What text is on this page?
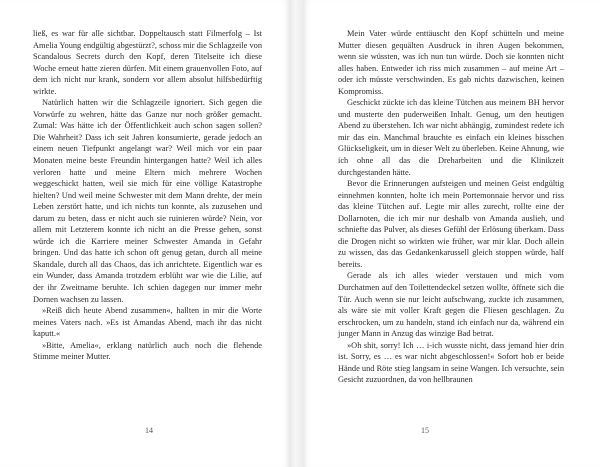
ließ, es war für alle sichtbar. Doppeltausch statt Filmerfolg – Ist Amelia Young endgültig abgestürzt?, schoss mir die Schlagzeile von Scandalous Secrets durch den Kopf, deren Titelseite ich diese Woche erneut hatte zieren dürfen. Mit einem grauenvollen Foto, auf dem ich nicht nur krank, sondern vor allem absolut hilfsbedürftig wirkte.

Natürlich hatten wir die Schlagzeile ignoriert. Sich gegen die Vorwürfe zu wehren, hätte das Ganze nur noch größer gemacht. Zumal: Was hätte ich der Öffentlichkeit auch schon sagen sollen? Die Wahrheit? Dass ich seit Jahren konsumierte, gerade jedoch an einem neuen Tiefpunkt angelangt war? Weil mich vor ein paar Monaten meine beste Freundin hintergangen hatte? Weil ich alles verloren hatte und meine Eltern mich mehrere Wochen weggeschickt hatten, weil sie mich für eine völlige Katastrophe hielten? Und weil meine Schwester mit dem Mann drehte, der mein Leben zerstört hatte, und ich nichts tun konnte, als zuzusehen und darum zu beten, dass er nicht auch sie ruinieren würde? Nein, vor allem mit Letzterem konnte ich nicht an die Presse gehen, sonst würde ich die Karriere meiner Schwester Amanda in Gefahr bringen. Und das hatte ich schon oft genug getan, durch all meine Skandale, durch all das Chaos, das ich anrichtete. Eigentlich war es ein Wunder, dass Amanda trotzdem erblüht war wie die Lilie, auf der ihr Zweitname beruhte. Ich schien dagegen nur immer mehr Dornen wachsen zu lassen.

»Reiß dich heute Abend zusammen«, hallten in mir die Worte meines Vaters nach. »Es ist Amandas Abend, mach ihr das nicht kaputt.«

»Bitte, Amelia«, erklang natürlich auch noch die flehende Stimme meiner Mutter.

14

Mein Vater würde enttäuscht den Kopf schütteln und meine Mutter diesen gequälten Ausdruck in ihren Augen bekommen, wenn sie wüssten, was ich nun tun würde. Doch sie konnten nicht alles haben. Entweder ich riss mich zusammen – auf meine Art – oder ich müsste verschwinden. Es gab nichts dazwischen, keinen Kompromiss.

Geschickt zückte ich das kleine Tütchen aus meinem BH hervor und musterte den puderweißen Inhalt. Genug, um den heutigen Abend zu überstehen. Ich war nicht abhängig, zumindest redete ich mir das ein. Manchmal brauchte es einfach ein kleines bisschen Glückseligkeit, um in dieser Welt zu überleben. Keine Ahnung, wie ich ohne all das die Dreharbeiten und die Klinikzeit durchgestanden hätte.

Bevor die Erinnerungen aufsteigen und meinen Geist endgültig einnehmen konnten, holte ich mein Portemonnaie hervor und riss das kleine Tütchen auf. Legte mir alles zurecht, rollte eine der Dollarnoten, die ich mir nur deshalb von Amanda auslieh, und schniefte das Pulver, als dieses Gefühl der Erlösung überkam. Dass die Drogen nicht so wirkten wie früher, war mir klar. Doch allein zu wissen, das das Gedankenkarussell gleich stoppen würde, half bereits.

Gerade als ich alles wieder verstauen und mich vom Durchatmen auf den Toilettendeckel setzen wollte, öffnete sich die Tür. Auch wenn sie nur leicht aufschwang, zuckte ich zusammen, als wäre sie mit voller Kraft gegen die Fliesen geschlagen. Zu erschrocken, um zu handeln, stand ich einfach nur da, während ein junger Mann in Anzug das winzige Bad betrat.

»Oh shit, sorry! Ich … i-ich wusste nicht, dass jemand hier drin ist. Sorry, es … es war nicht abgeschlossen!« Sofort hob er beide Hände und Röte stieg langsam in seine Wangen. Ich versuchte, sein Gesicht zuzuordnen, da von hellbraunen

15
